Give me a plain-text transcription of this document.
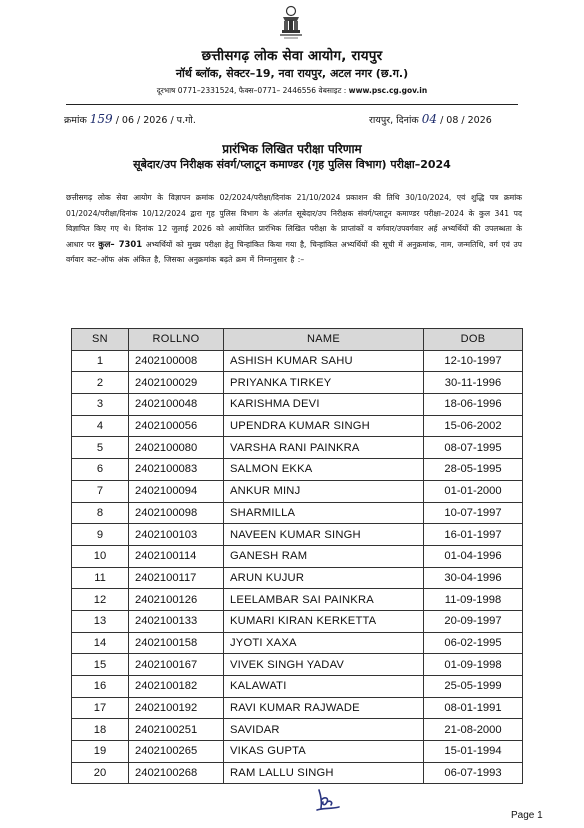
छत्तीसगढ़ लोक सेवा आयोग, रायपुर
नॉर्थ ब्लॉक, सेक्टर–19, नवा रायपुर, अटल नगर (छ.ग.)
दूरभाष 0771–2331524, फैक्स–0771– 2446556 वेबसाइट : www.psc.cg.gov.in
क्रमांक 159 / 06 / 2026 / प.गो.	रायपुर, दिनांक 04 / 08 / 2026
प्रारंभिक लिखित परीक्षा परिणाम
सूबेदार/उप निरीक्षक संवर्ग/प्लाटून कमाण्डर (गृह पुलिस विभाग) परीक्षा–2024
छत्तीसगढ़ लोक सेवा आयोग के विज्ञापन क्रमांक 02/2024/परीक्षा/दिनांक 21/10/2024 प्रकाशन की तिथि 30/10/2024, एवं शुद्धि पत्र क्रमांक 01/2024/परीक्षा/दिनांक 10/12/2024 द्वारा गृह पुलिस विभाग के अंतर्गत सूबेदार/उप निरीक्षक संवर्ग/प्लाटून कमाण्डर परीक्षा–2024 के कुल 341 पद विज्ञापित किए गए थे। दिनांक 12 जुलाई 2026 को आयोजित प्रारंभिक लिखित परीक्षा के प्राप्तांकों व वर्गवार/उपवर्गवार अर्ह अभ्यर्थियों की उपलब्धता के आधार पर कुल– 7301 अभ्यर्थियों को मुख्य परीक्षा हेतु चिन्हांकित किया गया है, चिन्हांकित अभ्यर्थियों की सूची में अनुक्रमांक, नाम, जन्मतिथि, वर्ग एवं उप वर्गवार कट–ऑफ अंक अंकित है, जिसका अनुक्रमांक बढ़ते क्रम में निम्नानुसार है :–
SN	ROLLNO	NAME	DOB
1	2402100008	ASHISH KUMAR SAHU	12-10-1997
2	2402100029	PRIYANKA TIRKEY	30-11-1996
3	2402100048	KARISHMA DEVI	18-06-1996
4	2402100056	UPENDRA KUMAR SINGH	15-06-2002
5	2402100080	VARSHA RANI PAINKRA	08-07-1995
6	2402100083	SALMON EKKA	28-05-1995
7	2402100094	ANKUR MINJ	01-01-2000
8	2402100098	SHARMILLA	10-07-1997
9	2402100103	NAVEEN KUMAR SINGH	16-01-1997
10	2402100114	GANESH RAM	01-04-1996
11	2402100117	ARUN KUJUR	30-04-1996
12	2402100126	LEELAMBAR SAI PAINKRA	11-09-1998
13	2402100133	KUMARI KIRAN KERKETTA	20-09-1997
14	2402100158	JYOTI XAXA	06-02-1995
15	2402100167	VIVEK SINGH YADAV	01-09-1998
16	2402100182	KALAWATI	25-05-1999
17	2402100192	RAVI KUMAR RAJWADE	08-01-1991
18	2402100251	SAVIDAR	21-08-2000
19	2402100265	VIKAS GUPTA	15-01-1994
20	2402100268	RAM LALLU SINGH	06-07-1993
Page 1
